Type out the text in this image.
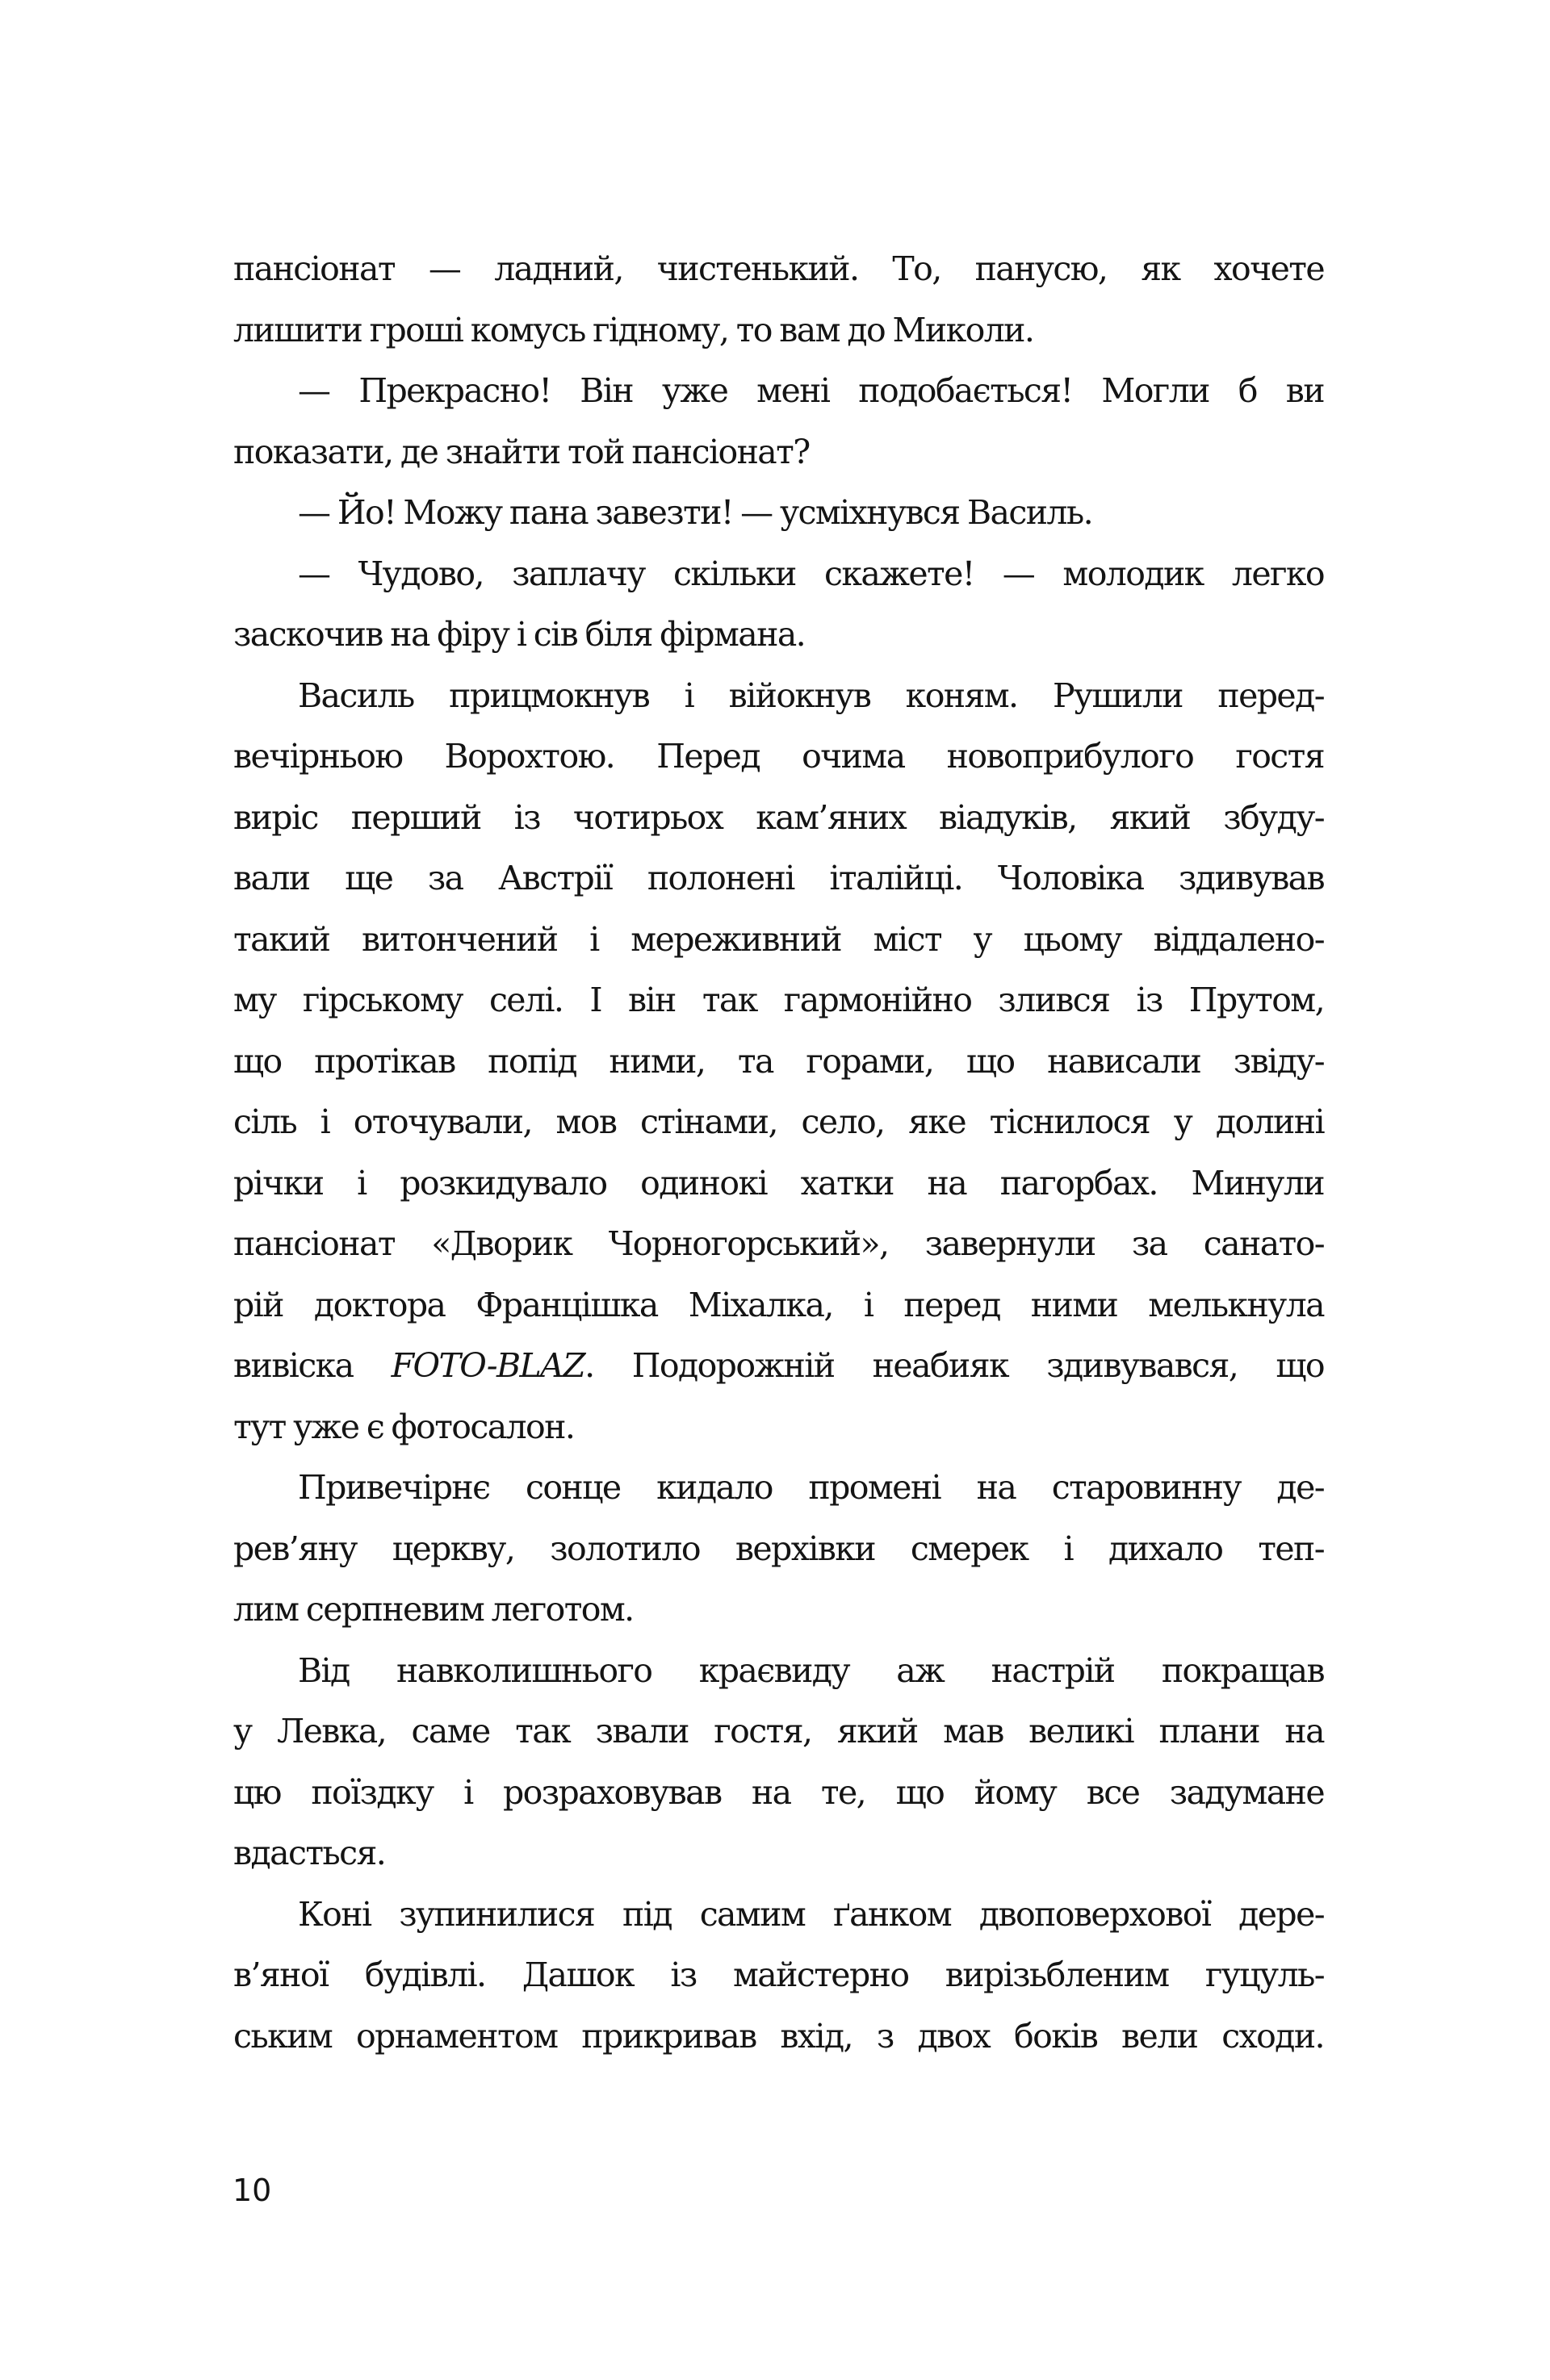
пансіонат — ладний, чистенький. То, панусю, як хочете
лишити гроші комусь гідному, то вам до Миколи.
— Прекрасно! Він уже мені подобається! Могли б ви
показати, де знайти той пансіонат?
— Йо! Можу пана завезти! — усміхнувся Василь.
— Чудово, заплачу скільки скажете! — молодик легко
заскочив на фіру і сів біля фірмана.
Василь прицмокнув і війокнув коням. Рушили перед-
вечірньою Ворохтою. Перед очима новоприбулого гостя
виріс перший із чотирьох кам’яних віадуків, який збуду-
вали ще за Австрії полонені італійці. Чоловіка здивував
такий витончений і мереживний міст у цьому віддалено-
му гірському селі. І він так гармонійно злився із Прутом,
що протікав попід ними, та горами, що нависали звіду-
сіль і оточували, мов стінами, село, яке тіснилося у долині
річки і розкидувало одинокі хатки на пагорбах. Минули
пансіонат «Дворик Чорногорський», завернули за санато-
рій доктора Францішка Міхалка, і перед ними мелькнула
вивіска FOTO-BLAZ. Подорожній неабияк здивувався, що
тут уже є фотосалон.
Привечірнє сонце кидало промені на старовинну де-
рев’яну церкву, золотило верхівки смерек і дихало теп-
лим серпневим леготом.
Від навколишнього краєвиду аж настрій покращав
у Левка, саме так звали гостя, який мав великі плани на
цю поїздку і розраховував на те, що йому все задумане
вдасться.
Коні зупинилися під самим ґанком двоповерхової дере-
в’яної будівлі. Дашок із майстерно вирізьбленим гуцуль-
ським орнаментом прикривав вхід, з двох боків вели сходи.
10
